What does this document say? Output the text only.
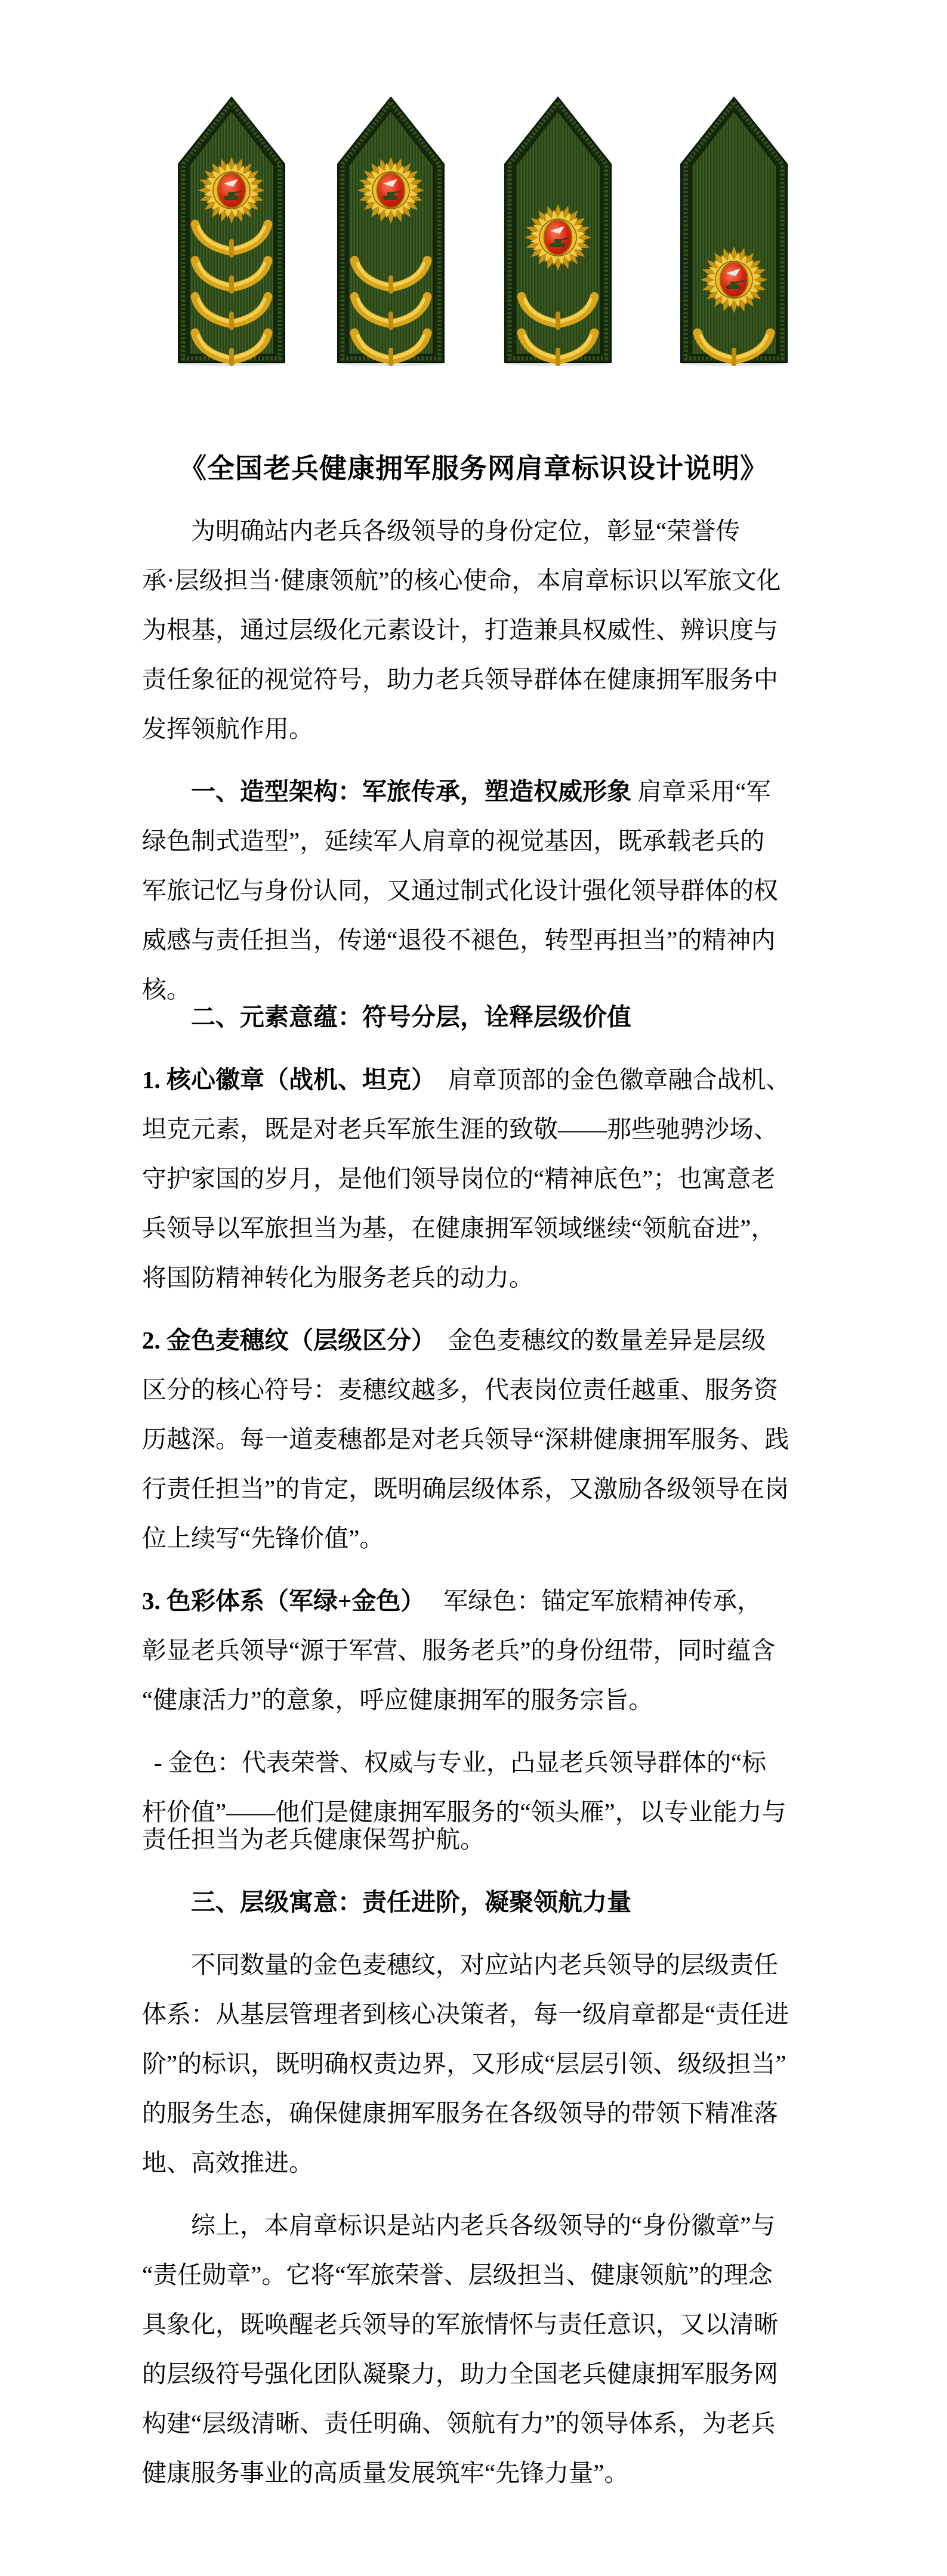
《全国老兵健康拥军服务网肩章标识设计说明》
为明确站内老兵各级领导的身份定位，彰显“荣誉传
承·层级担当·健康领航”的核心使命，本肩章标识以军旅文化
为根基，通过层级化元素设计，打造兼具权威性、辨识度与
责任象征的视觉符号，助力老兵领导群体在健康拥军服务中
发挥领航作用。
一、造型架构：军旅传承，塑造权威形象 肩章采用“军
绿色制式造型”，延续军人肩章的视觉基因，既承载老兵的
军旅记忆与身份认同，又通过制式化设计强化领导群体的权
威感与责任担当，传递“退役不褪色，转型再担当”的精神内
核。
二、元素意蕴：符号分层，诠释层级价值
1. 核心徽章（战机、坦克）　肩章顶部的金色徽章融合战机、
坦克元素，既是对老兵军旅生涯的致敬——那些驰骋沙场、
守护家国的岁月，是他们领导岗位的“精神底色”；也寓意老
兵领导以军旅担当为基，在健康拥军领域继续“领航奋进”，
将国防精神转化为服务老兵的动力。
2. 金色麦穗纹（层级区分）　金色麦穗纹的数量差异是层级
区分的核心符号：麦穗纹越多，代表岗位责任越重、服务资
历越深。每一道麦穗都是对老兵领导“深耕健康拥军服务、践
行责任担当”的肯定，既明确层级体系，又激励各级领导在岗
位上续写“先锋价值”。
3. 色彩体系（军绿+金色）　 军绿色：锚定军旅精神传承，
彰显老兵领导“源于军营、服务老兵”的身份纽带，同时蕴含
“健康活力”的意象，呼应健康拥军的服务宗旨。
- 金色：代表荣誉、权威与专业，凸显老兵领导群体的“标
杆价值”——他们是健康拥军服务的“领头雁”，以专业能力与
责任担当为老兵健康保驾护航。
三、层级寓意：责任进阶，凝聚领航力量
不同数量的金色麦穗纹，对应站内老兵领导的层级责任
体系：从基层管理者到核心决策者，每一级肩章都是“责任进
阶”的标识，既明确权责边界，又形成“层层引领、级级担当”
的服务生态，确保健康拥军服务在各级领导的带领下精准落
地、高效推进。
综上，本肩章标识是站内老兵各级领导的“身份徽章”与
“责任勋章”。它将“军旅荣誉、层级担当、健康领航”的理念
具象化，既唤醒老兵领导的军旅情怀与责任意识，又以清晰
的层级符号强化团队凝聚力，助力全国老兵健康拥军服务网
构建“层级清晰、责任明确、领航有力”的领导体系，为老兵
健康服务事业的高质量发展筑牢“先锋力量”。
